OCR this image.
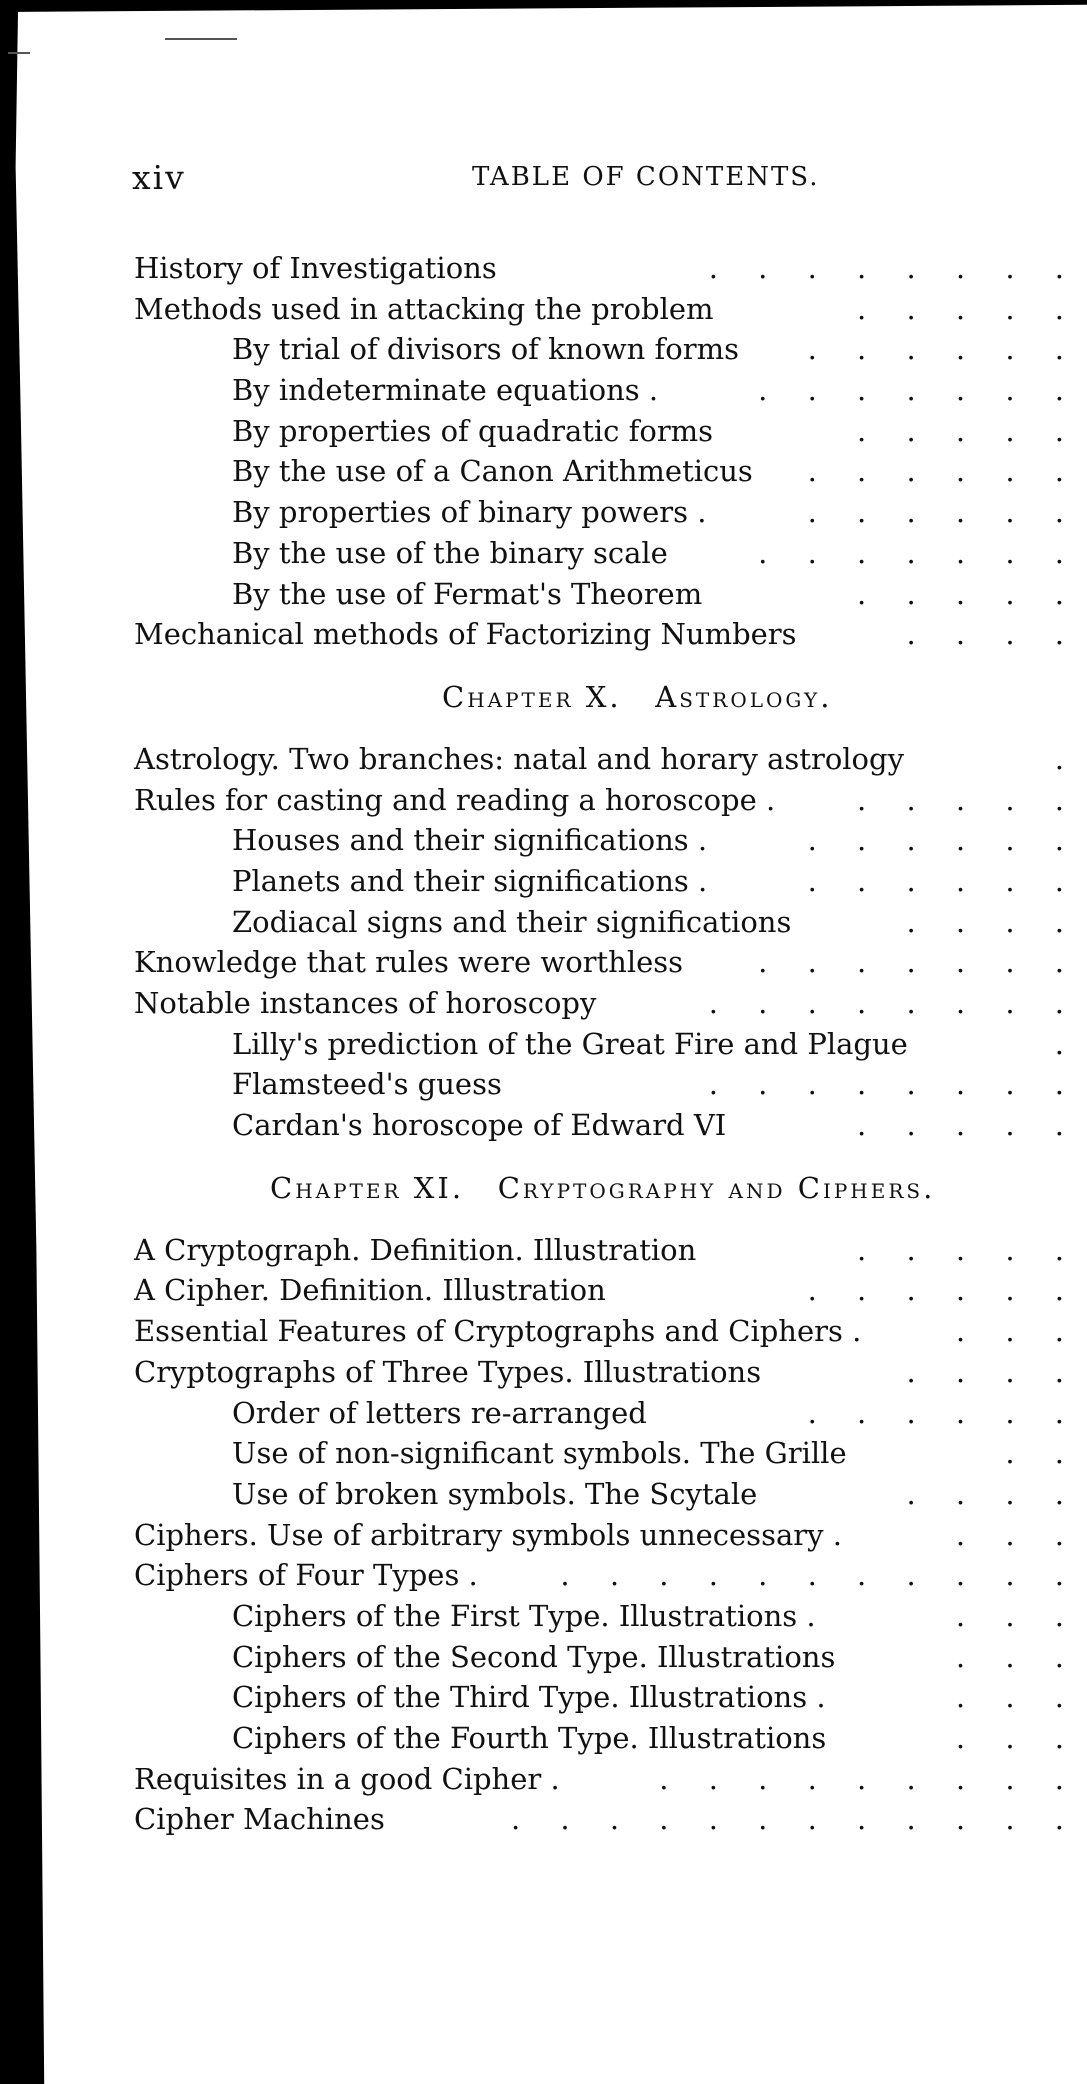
xiv	TABLE OF CONTENTS.
History of Investigations	. . . . . . . .
Methods used in attacking the problem	. . . . .
By trial of divisors of known forms . . . . . .
By indeterminate equations .	. . . . . . .
By properties of quadratic forms	. . . . .
By the use of a Canon Arithmeticus . . . . . .
By properties of binary powers .	. . . . . .
By the use of the binary scale	. . . . . . .
By the use of Fermat's Theorem	. . . . .
Mechanical methods of Factorizing Numbers	. . . .
Chapter X. Astrology.
Astrology. Two branches: natal and horary astrology	.
Rules for casting and reading a horoscope .	. . . . .
Houses and their significations .	. . . . . .
Planets and their significations .	. . . . . .
Zodiacal signs and their significations	. . . .
Knowledge that rules were worthless	. . . . . . .
Notable instances of horoscopy	. . . . . . . .
Lilly's prediction of the Great Fire and Plague	.
Flamsteed's guess	. . . . . . . .
Cardan's horoscope of Edward VI	. . . . .
Chapter XI. Cryptography and Ciphers.
A Cryptograph. Definition. Illustration	. . . . .
A Cipher. Definition. Illustration	. . . . . .
Essential Features of Cryptographs and Ciphers .	. . .
Cryptographs of Three Types. Illustrations	. . . .
Order of letters re-arranged	. . . . . .
Use of non-significant symbols. The Grille	. .
Use of broken symbols. The Scytale	. . . .
Ciphers. Use of arbitrary symbols unnecessary .	. . .
Ciphers of Four Types .	. . . . . . . . . . .
Ciphers of the First Type. Illustrations .	. . .
Ciphers of the Second Type. Illustrations	. . .
Ciphers of the Third Type. Illustrations .	. . .
Ciphers of the Fourth Type. Illustrations	. . .
Requisites in a good Cipher .	. . . . . . . . .
Cipher Machines	. . . . . . . . . . . .
